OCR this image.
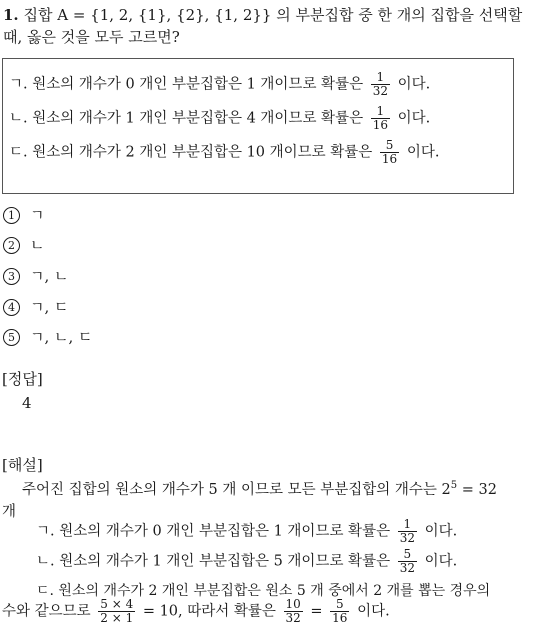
1. 집합 A = {1, 2, {1}, {2}, {1, 2}} 의 부분집합 중 한 개의 집합을 선택할
때, 옳은 것을 모두 고르면?
ㄱ. 원소의 개수가 0 개인 부분집합은 1 개이므로 확률은 $\frac{1}{32}$ 이다.
ㄴ. 원소의 개수가 1 개인 부분집합은 4 개이므로 확률은 $\frac{1}{16}$ 이다.
ㄷ. 원소의 개수가 2 개인 부분집합은 10 개이므로 확률은 $\frac{5}{16}$ 이다.
1 ㄱ
2 ㄴ
3 ㄱ, ㄴ
4 ㄱ, ㄷ
5 ㄱ, ㄴ, ㄷ
[정답]
4
[해설]
주어진 집합의 원소의 개수가 5 개 이므로 모든 부분집합의 개수는 $2^5 = 32$
개
ㄱ. 원소의 개수가 0 개인 부분집합은 1 개이므로 확률은 $\frac{1}{32}$ 이다.
ㄴ. 원소의 개수가 1 개인 부분집합은 5 개이므로 확률은 $\frac{5}{32}$ 이다.
ㄷ. 원소의 개수가 2 개인 부분집합은 원소 5 개 중에서 2 개를 뽑는 경우의
수와 같으므로 $\frac{5 \times 4}{2 \times 1} = 10$, 따라서 확률은 $\frac{10}{32} = \frac{5}{16}$ 이다.
